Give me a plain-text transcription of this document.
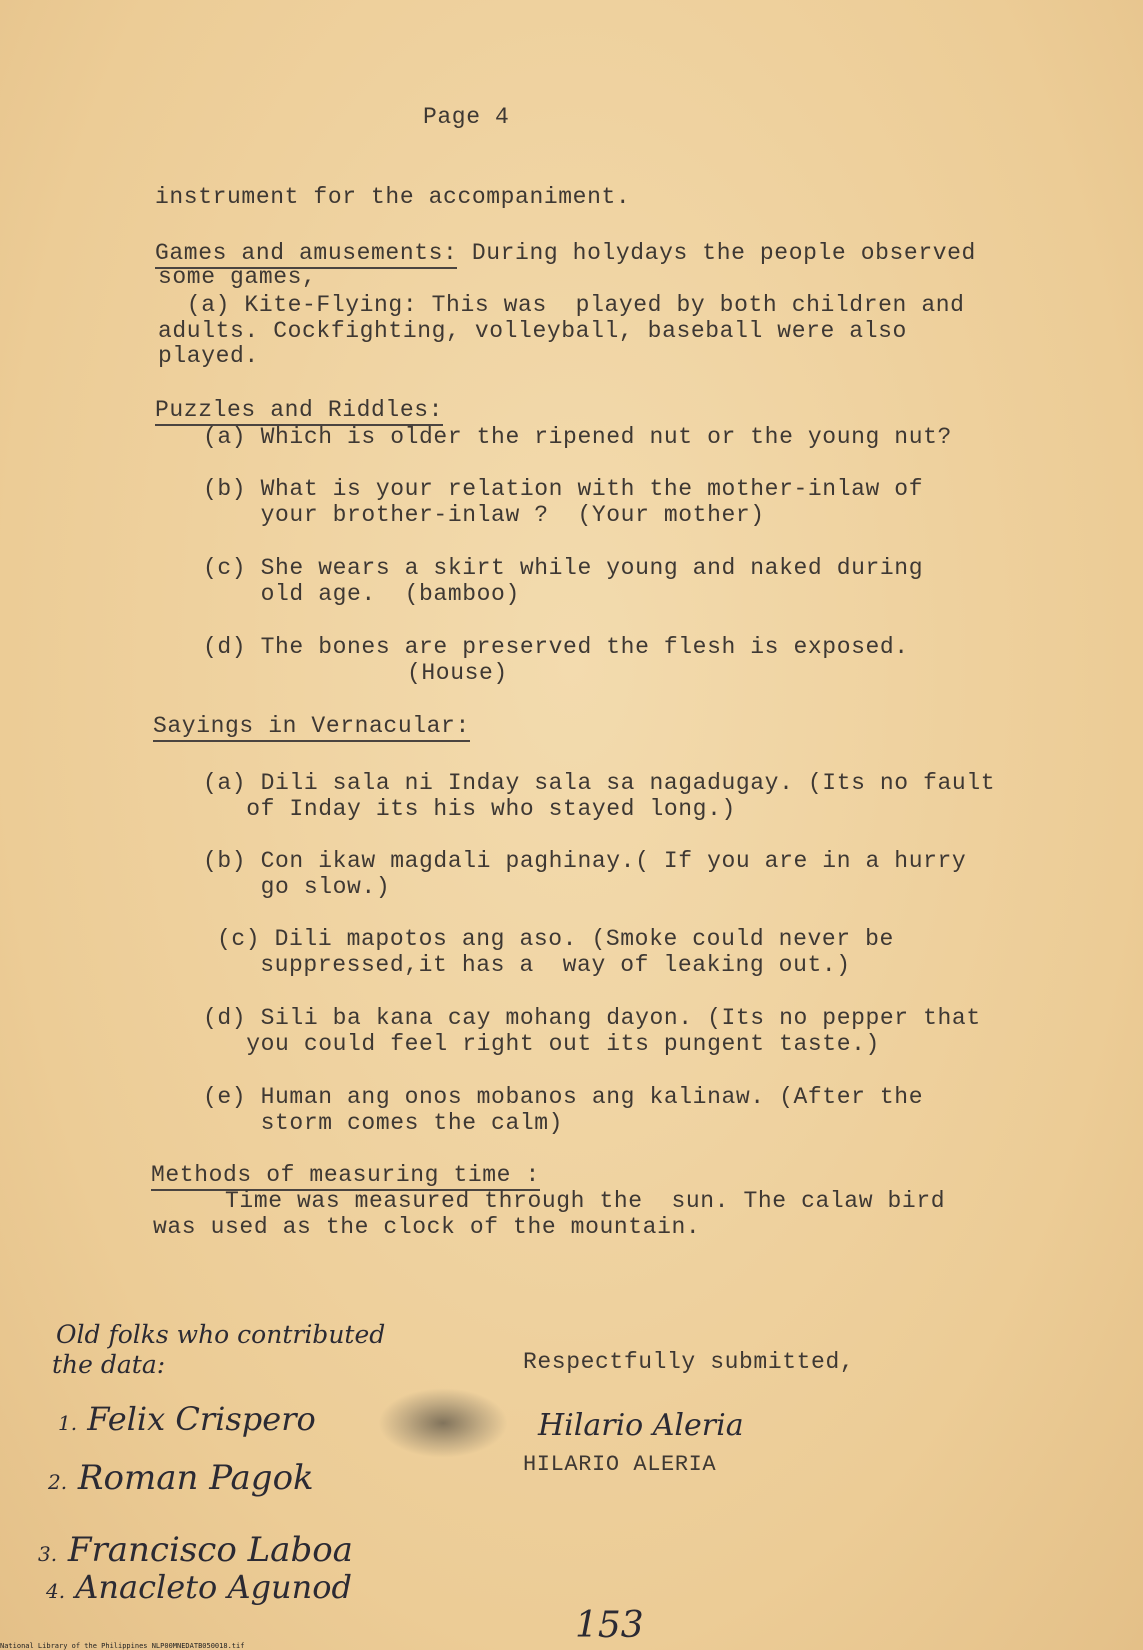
Page 4
instrument for the accompaniment.
Games and amusements: During holydays the people observed
some games,
(a) Kite-Flying: This was  played by both children and
adults. Cockfighting, volleyball, baseball were also
played.
Puzzles and Riddles:
(a) Which is older the ripened nut or the young nut?
(b) What is your relation with the mother-inlaw of
your brother-inlaw ?  (Your mother)
(c) She wears a skirt while young and naked during
old age.  (bamboo)
(d) The bones are preserved the flesh is exposed.
(House)
Sayings in Vernacular:
(a) Dili sala ni Inday sala sa nagadugay. (Its no fault
of Inday its his who stayed long.)
(b) Con ikaw magdali paghinay.( If you are in a hurry
go slow.)
(c) Dili mapotos ang aso. (Smoke could never be
suppressed,it has a  way of leaking out.)
(d) Sili ba kana cay mohang dayon. (Its no pepper that
you could feel right out its pungent taste.)
(e) Human ang onos mobanos ang kalinaw. (After the
storm comes the calm)
Methods of measuring time :
Time was measured through the  sun. The calaw bird
was used as the clock of the mountain.
Old folks who contributed
the data:
1. Felix Crispero
2. Roman Pagok
3. Francisco Laboa
4. Anacleto Agunod
Respectfully submitted,
Hilario Aleria
HILARIO ALERIA
153
National Library of the Philippines NLP00MNEDATB050018.tif
